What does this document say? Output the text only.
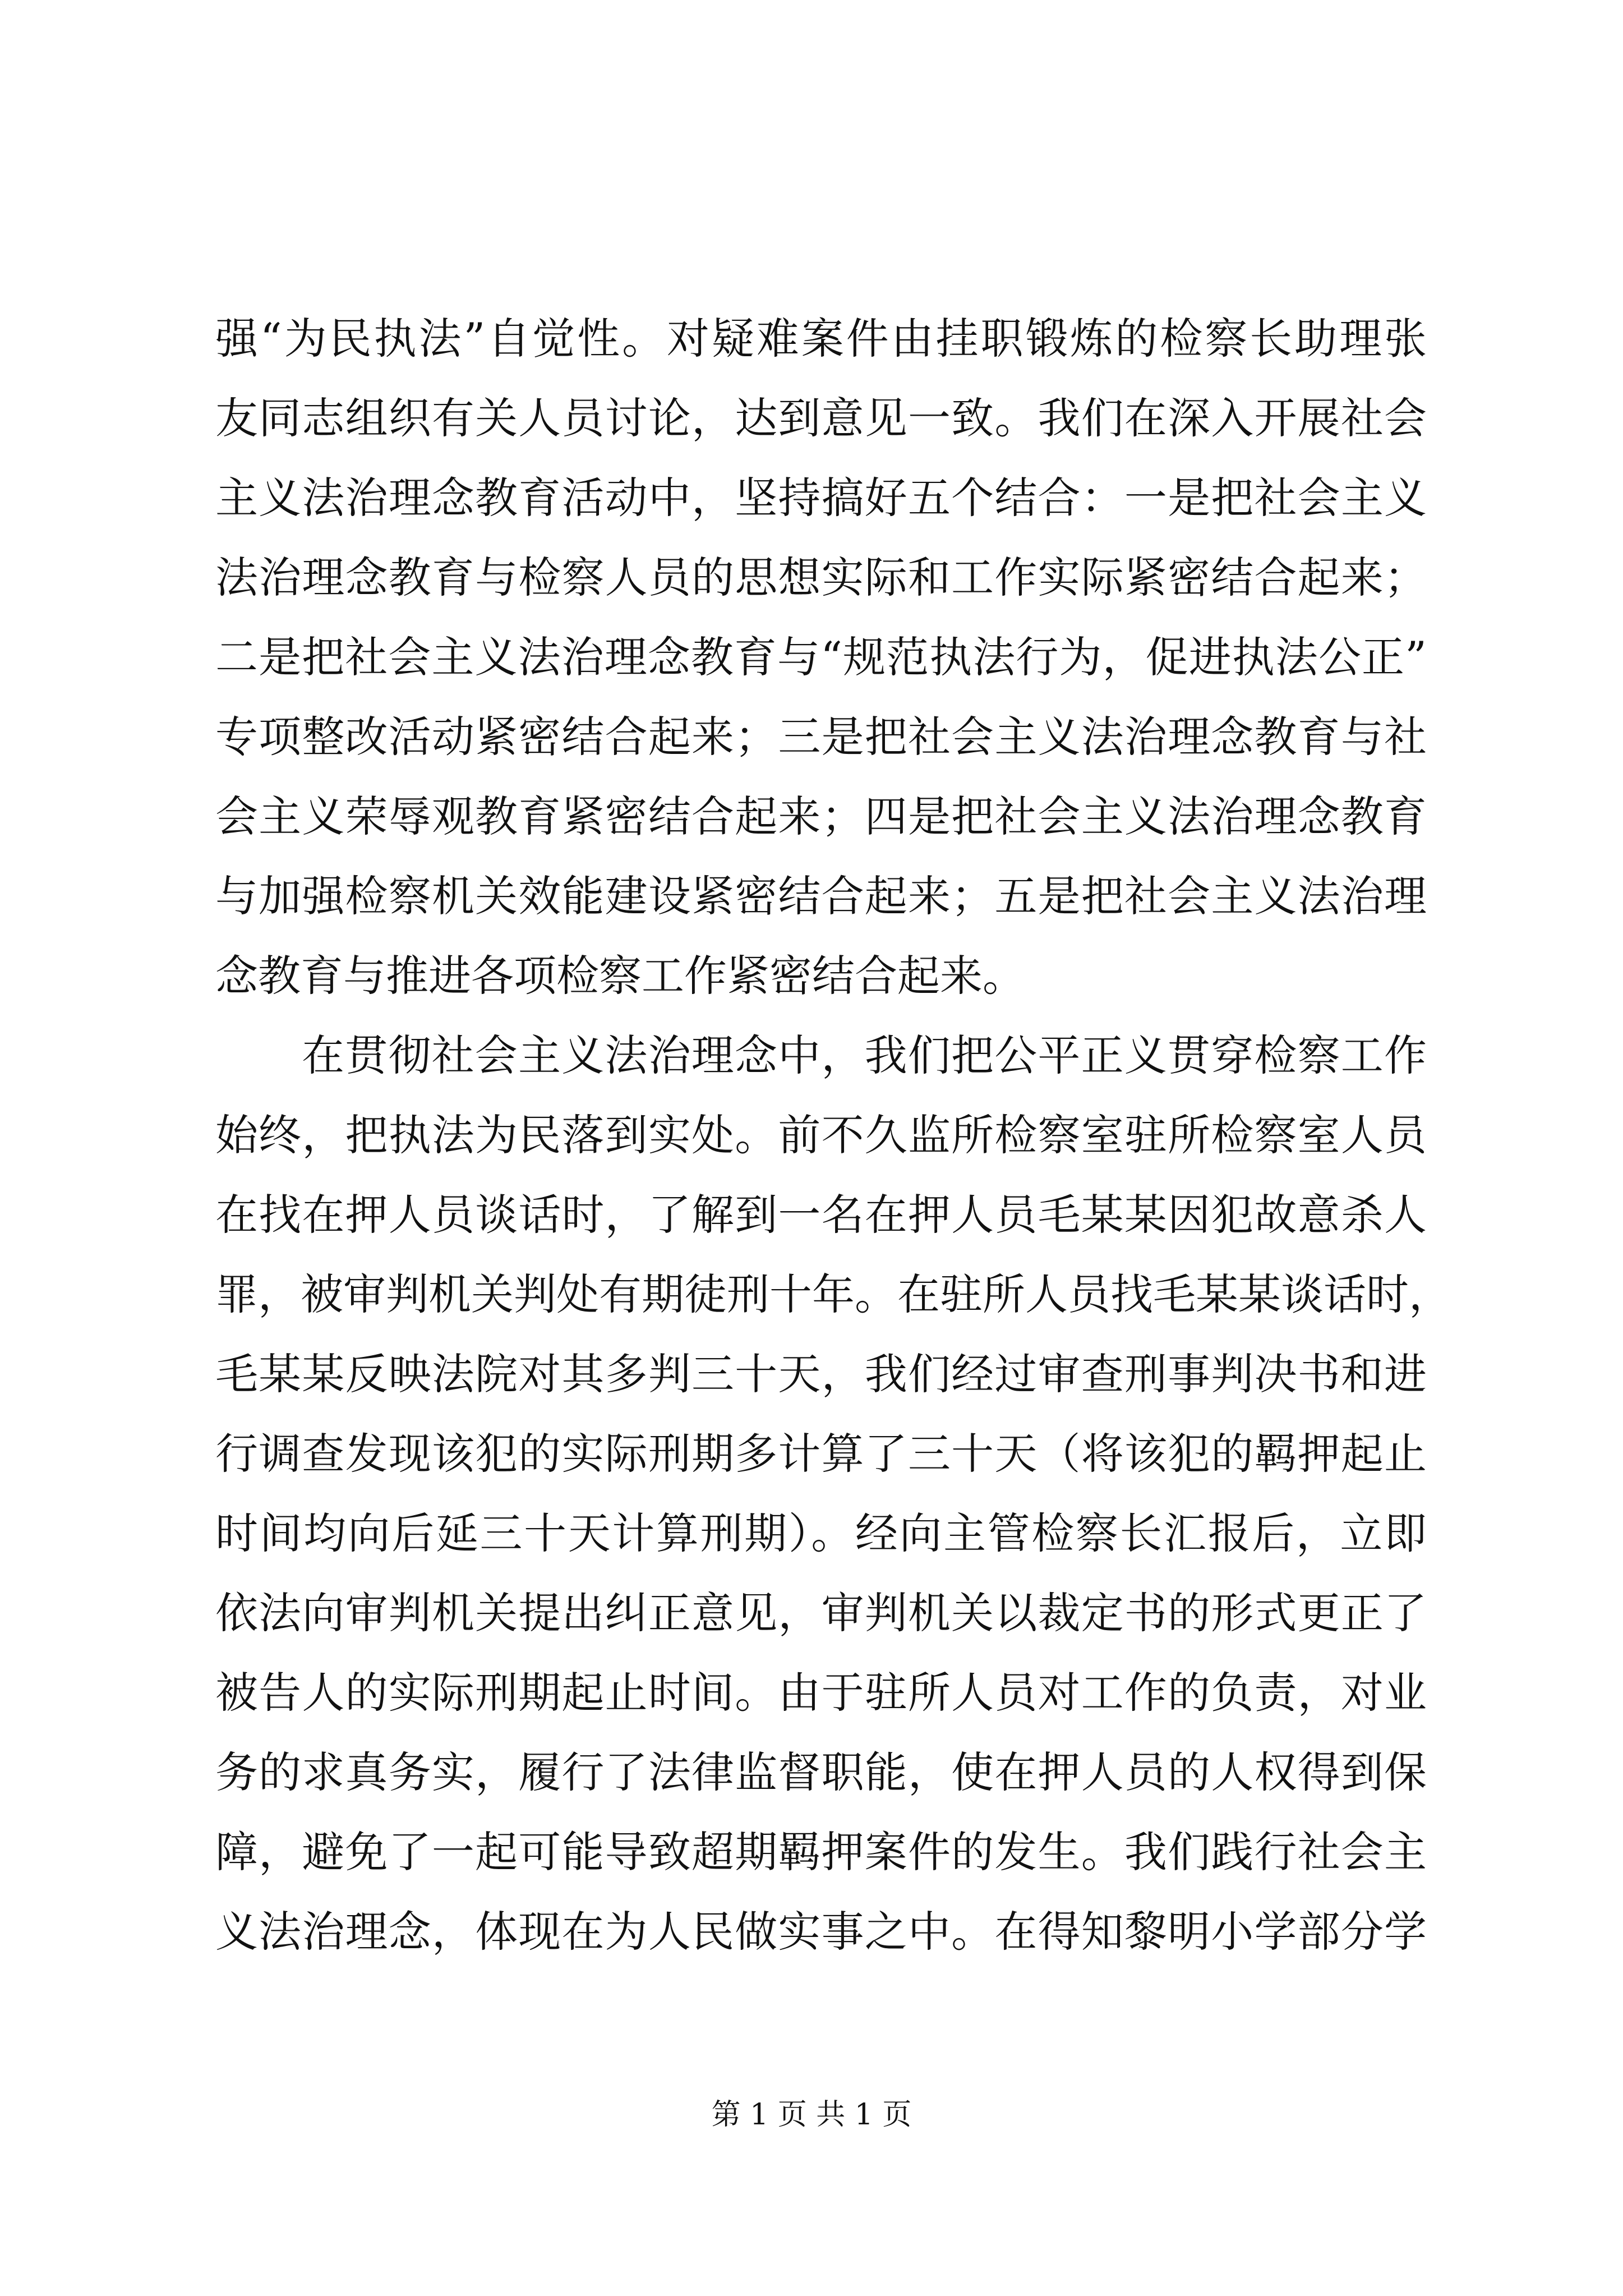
强“为民执法”自觉性。对疑难案件由挂职锻炼的检察长助理张
友同志组织有关人员讨论，达到意见一致。我们在深入开展社会
主义法治理念教育活动中，坚持搞好五个结合：一是把社会主义
法治理念教育与检察人员的思想实际和工作实际紧密结合起来；
二是把社会主义法治理念教育与“规范执法行为，促进执法公正”
专项整改活动紧密结合起来；三是把社会主义法治理念教育与社
会主义荣辱观教育紧密结合起来；四是把社会主义法治理念教育
与加强检察机关效能建设紧密结合起来；五是把社会主义法治理
念教育与推进各项检察工作紧密结合起来。
在贯彻社会主义法治理念中，我们把公平正义贯穿检察工作
始终，把执法为民落到实处。前不久监所检察室驻所检察室人员
在找在押人员谈话时，了解到一名在押人员毛某某因犯故意杀人
罪，被审判机关判处有期徒刑十年。在驻所人员找毛某某谈话时，
毛某某反映法院对其多判三十天，我们经过审查刑事判决书和进
行调查发现该犯的实际刑期多计算了三十天（将该犯的羁押起止
时间均向后延三十天计算刑期）。经向主管检察长汇报后，立即
依法向审判机关提出纠正意见，审判机关以裁定书的形式更正了
被告人的实际刑期起止时间。由于驻所人员对工作的负责，对业
务的求真务实，履行了法律监督职能，使在押人员的人权得到保
障，避免了一起可能导致超期羁押案件的发生。我们践行社会主
义法治理念，体现在为人民做实事之中。在得知黎明小学部分学
第 1 页 共 1 页
